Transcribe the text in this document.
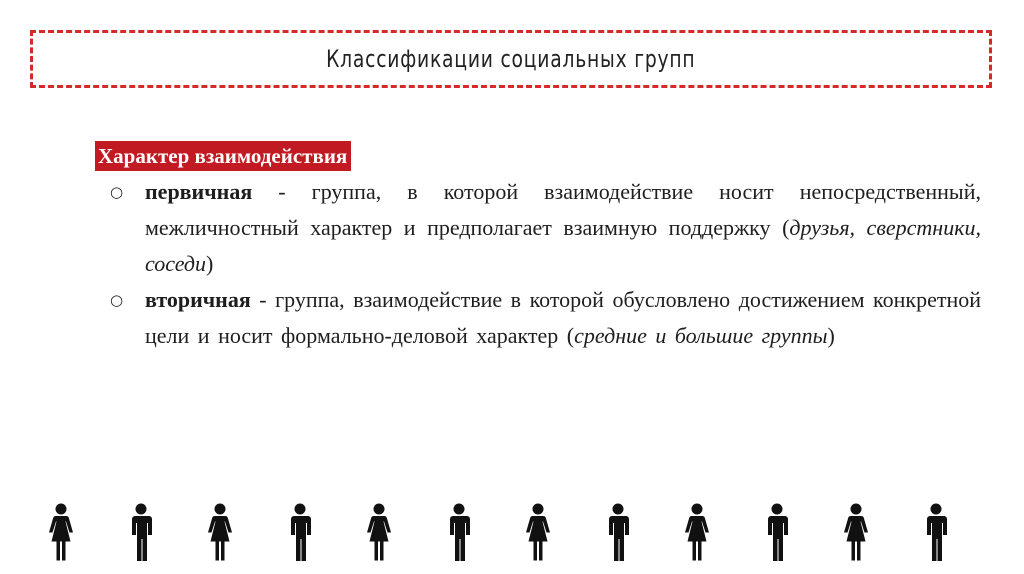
Классификации социальных групп
Характер взаимодействия
○ первичная - группа, в которой взаимодействие носит непосредственный, межличностный характер и предполагает взаимную поддержку (друзья, сверстники, соседи)
○ вторичная - группа, взаимодействие в которой обусловлено достижением конкретной цели и носит формально-деловой характер (средние и большие группы)
